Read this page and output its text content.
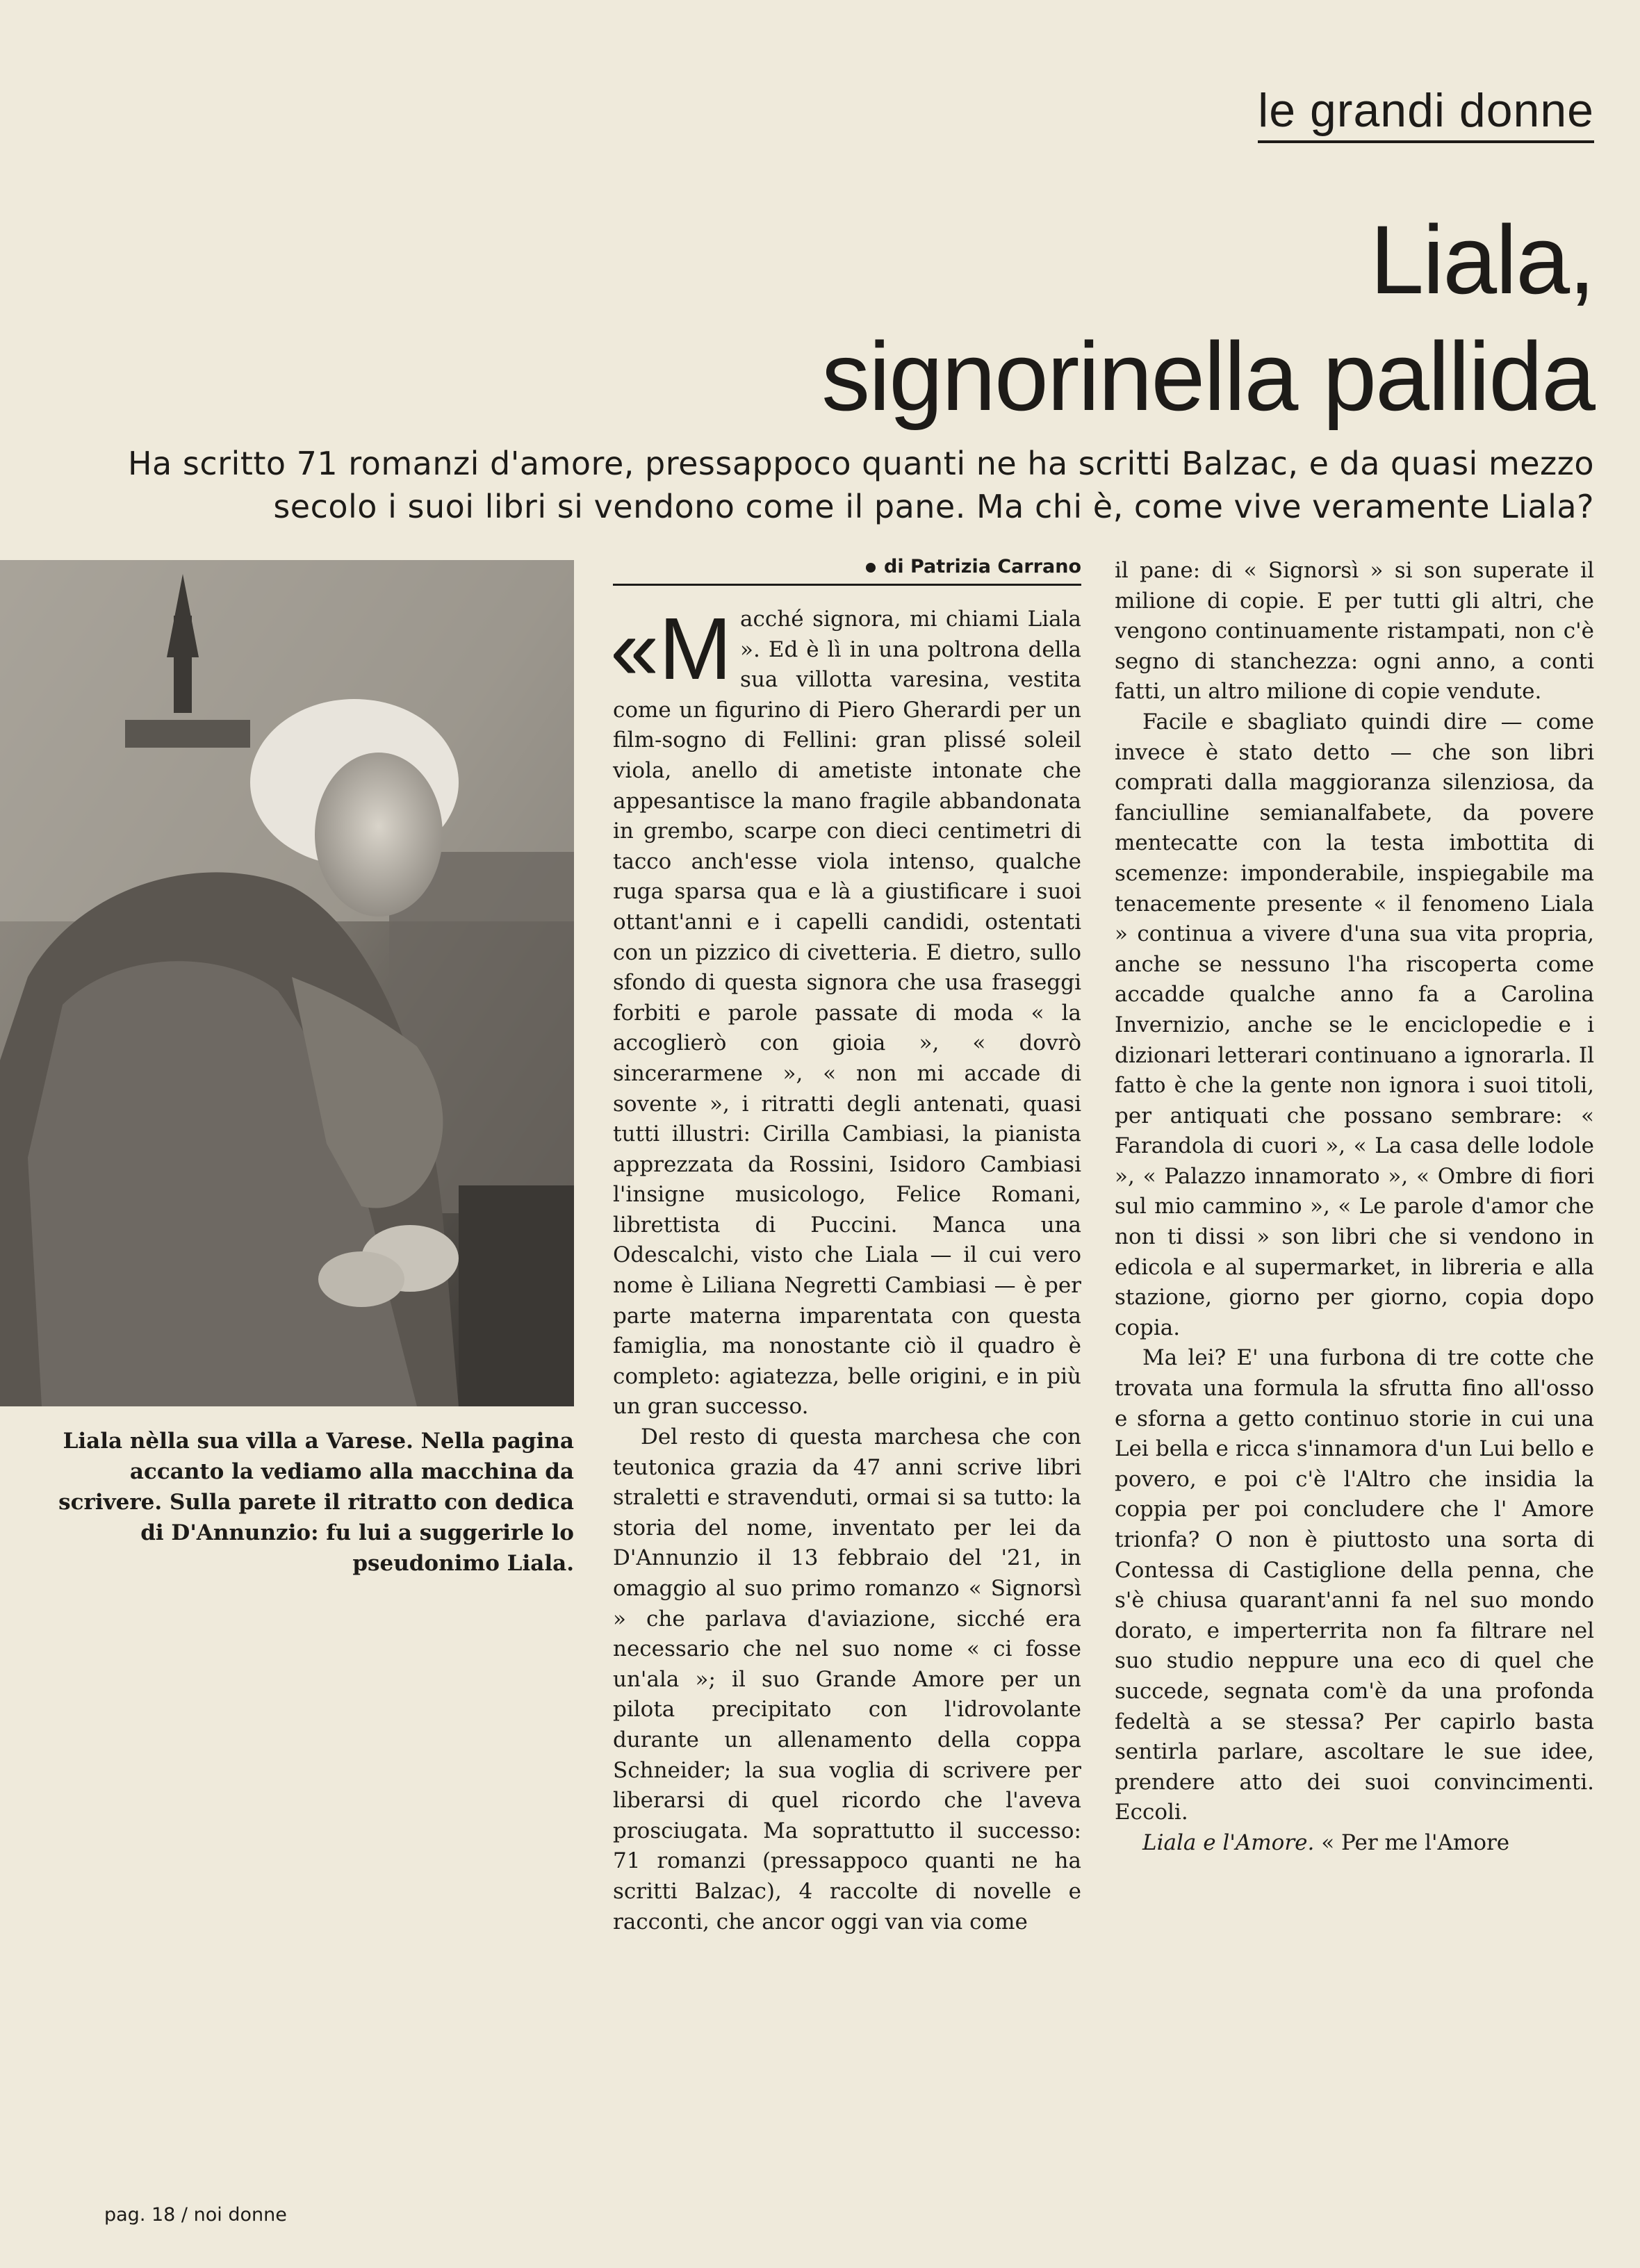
le grandi donne
Liala,
signorinella pallida
Ha scritto 71 romanzi d'amore, pressappoco quanti ne ha scritti Balzac, e da quasi mezzo secolo i suoi libri si vendono come il pane. Ma chi è, come vive veramente Liala?
Liala nèlla sua villa a Varese. Nella pagina accanto la vediamo alla macchina da scrivere. Sulla parete il ritratto con dedica di D'Annunzio: fu lui a suggerirle lo pseudonimo Liala.
di Patrizia Carrano

«Macché signora, mi chiami Liala ». Ed è lì in una poltrona della sua villotta varesina, vestita come un figurino di Piero Gherardi per un film-sogno di Fellini: gran plissé soleil viola, anello di ametiste intonate che appesantisce la mano fragile abbandonata in grembo, scarpe con dieci centimetri di tacco anch'esse viola intenso, qualche ruga sparsa qua e là a giustificare i suoi ottant'anni e i capelli candidi, ostentati con un pizzico di civetteria. E dietro, sullo sfondo di questa signora che usa fraseggi forbiti e parole passate di moda « la accoglierò con gioia », « dovrò sincerarmene », « non mi accade di sovente », i ritratti degli antenati, quasi tutti illustri: Cirilla Cambiasi, la pianista apprezzata da Rossini, Isidoro Cambiasi l'insigne musicologo, Felice Romani, librettista di Puccini. Manca una Odescalchi, visto che Liala — il cui vero nome è Liliana Negretti Cambiasi — è per parte materna imparentata con questa famiglia, ma nonostante ciò il quadro è completo: agiatezza, belle origini, e in più un gran successo.

Del resto di questa marchesa che con teutonica grazia da 47 anni scrive libri straletti e stravenduti, ormai si sa tutto: la storia del nome, inventato per lei da D'Annunzio il 13 febbraio del '21, in omaggio al suo primo romanzo « Signorsì » che parlava d'aviazione, sicché era necessario che nel suo nome « ci fosse un'ala »; il suo Grande Amore per un pilota precipitato con l'idrovolante durante un allenamento della coppa Schneider; la sua voglia di scrivere per liberarsi di quel ricordo che l'aveva prosciugata. Ma soprattutto il successo: 71 romanzi (pressappoco quanti ne ha scritti Balzac), 4 raccolte di novelle e racconti, che ancor oggi van via come

il pane: di « Signorsì » si son superate il milione di copie. E per tutti gli altri, che vengono continuamente ristampati, non c'è segno di stanchezza: ogni anno, a conti fatti, un altro milione di copie vendute.

Facile e sbagliato quindi dire — come invece è stato detto — che son libri comprati dalla maggioranza silenziosa, da fanciulline semianalfabete, da povere mentecatte con la testa imbottita di scemenze: imponderabile, inspiegabile ma tenacemente presente « il fenomeno Liala » continua a vivere d'una sua vita propria, anche se nessuno l'ha riscoperta come accadde qualche anno fa a Carolina Invernizio, anche se le enciclopedie e i dizionari letterari continuano a ignorarla. Il fatto è che la gente non ignora i suoi titoli, per antiquati che possano sembrare: « Farandola di cuori », « La casa delle lodole », « Palazzo innamorato », « Ombre di fiori sul mio cammino », « Le parole d'amor che non ti dissi » son libri che si vendono in edicola e al supermarket, in libreria e alla stazione, giorno per giorno, copia dopo copia.

Ma lei? E' una furbona di tre cotte che trovata una formula la sfrutta fino all'osso e sforna a getto continuo storie in cui una Lei bella e ricca s'innamora d'un Lui bello e povero, e poi c'è l'Altro che insidia la coppia per poi concludere che l' Amore trionfa? O non è piuttosto una sorta di Contessa di Castiglione della penna, che s'è chiusa quarant'anni fa nel suo mondo dorato, e imperterrita non fa filtrare nel suo studio neppure una eco di quel che succede, segnata com'è da una profonda fedeltà a se stessa? Per capirlo basta sentirla parlare, ascoltare le sue idee, prendere atto dei suoi convincimenti. Eccoli.

Liala e l'Amore. « Per me l'Amore

pag. 18 / noi donne
